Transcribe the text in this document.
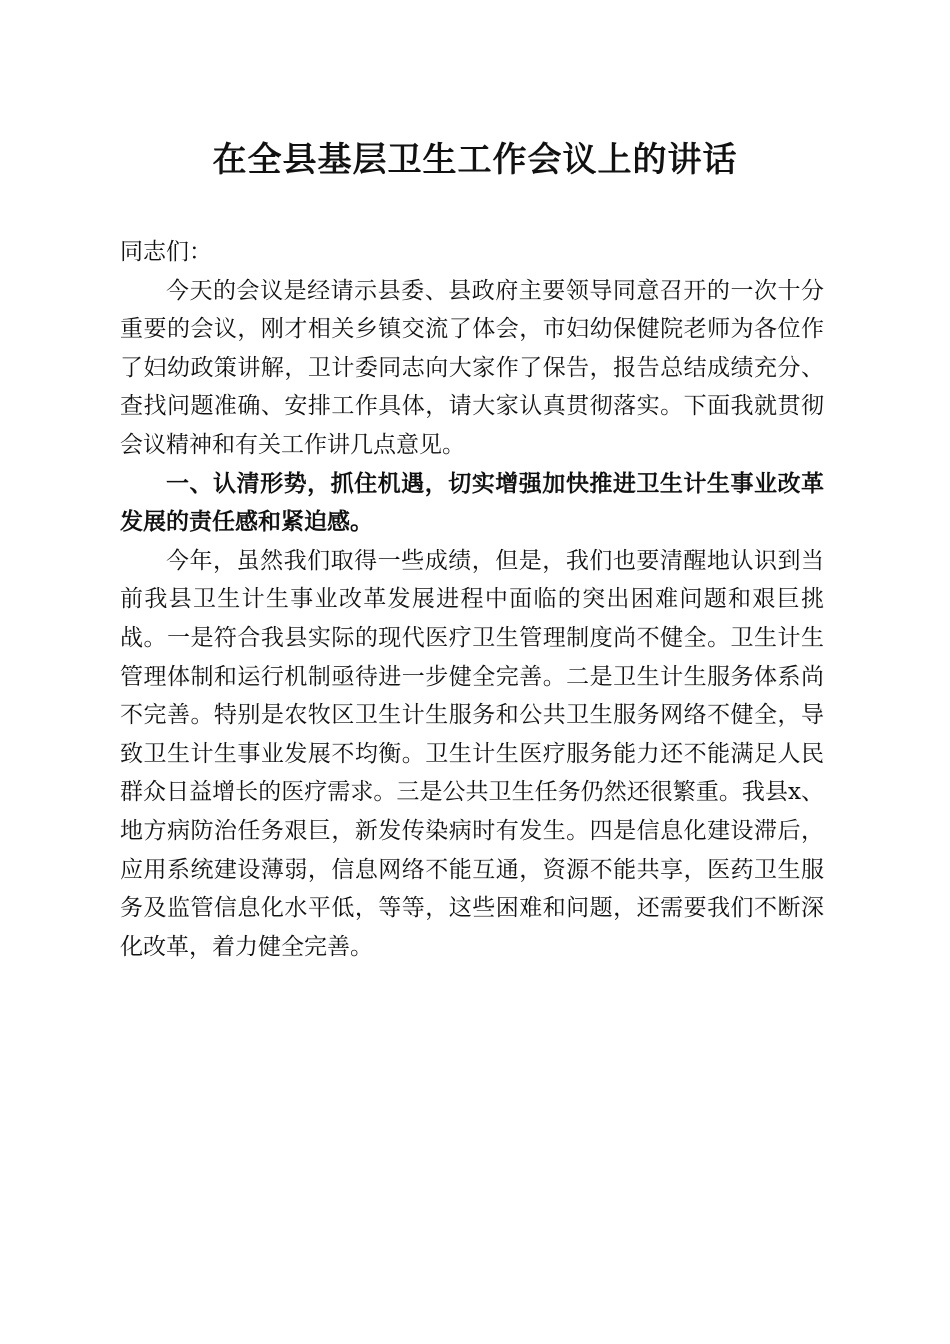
在全县基层卫生工作会议上的讲话

同志们：

今天的会议是经请示县委、县政府主要领导同意召开的一次十分重要的会议，刚才相关乡镇交流了体会，市妇幼保健院老师为各位作了妇幼政策讲解，卫计委同志向大家作了保告，报告总结成绩充分、查找问题准确、安排工作具体，请大家认真贯彻落实。下面我就贯彻会议精神和有关工作讲几点意见。

一、认清形势，抓住机遇，切实增强加快推进卫生计生事业改革发展的责任感和紧迫感。

今年，虽然我们取得一些成绩，但是，我们也要清醒地认识到当前我县卫生计生事业改革发展进程中面临的突出困难问题和艰巨挑战。一是符合我县实际的现代医疗卫生管理制度尚不健全。卫生计生管理体制和运行机制亟待进一步健全完善。二是卫生计生服务体系尚不完善。特别是农牧区卫生计生服务和公共卫生服务网络不健全，导致卫生计生事业发展不均衡。卫生计生医疗服务能力还不能满足人民群众日益增长的医疗需求。三是公共卫生任务仍然还很繁重。我县x、地方病防治任务艰巨，新发传染病时有发生。四是信息化建设滞后，应用系统建设薄弱，信息网络不能互通，资源不能共享，医药卫生服务及监管信息化水平低，等等，这些困难和问题，还需要我们不断深化改革，着力健全完善。
